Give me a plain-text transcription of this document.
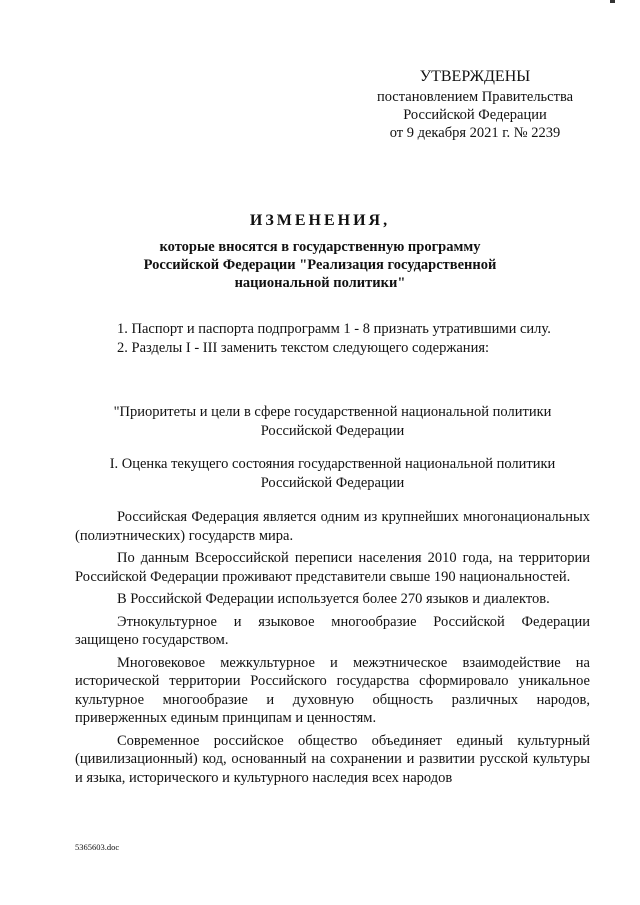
УТВЕРЖДЕНЫ
постановлением Правительства
Российской Федерации
от 9 декабря 2021 г. № 2239
ИЗМЕНЕНИЯ,
которые вносятся в государственную программу
Российской Федерации "Реализация государственной
национальной политики"

1. Паспорт и паспорта подпрограмм 1 - 8 признать утратившими силу.

2. Разделы I - III заменить текстом следующего содержания:

"Приоритеты и цели в сфере государственной национальной политики
Российской Федерации
I. Оценка текущего состояния государственной национальной политики
Российской Федерации

Российская Федерация является одним из крупнейших многонациональных (полиэтнических) государств мира.

По данным Всероссийской переписи населения 2010 года, на территории Российской Федерации проживают представители свыше 190 национальностей.

В Российской Федерации используется более 270 языков и диалектов.

Этнокультурное и языковое многообразие Российской Федерации защищено государством.

Многовековое межкультурное и межэтническое взаимодействие на исторической территории Российского государства сформировало уникальное культурное многообразие и духовную общность различных народов, приверженных единым принципам и ценностям.

Современное российское общество объединяет единый культурный (цивилизационный) код, основанный на сохранении и развитии русской культуры и языка, исторического и культурного наследия всех народов

5365603.doc
